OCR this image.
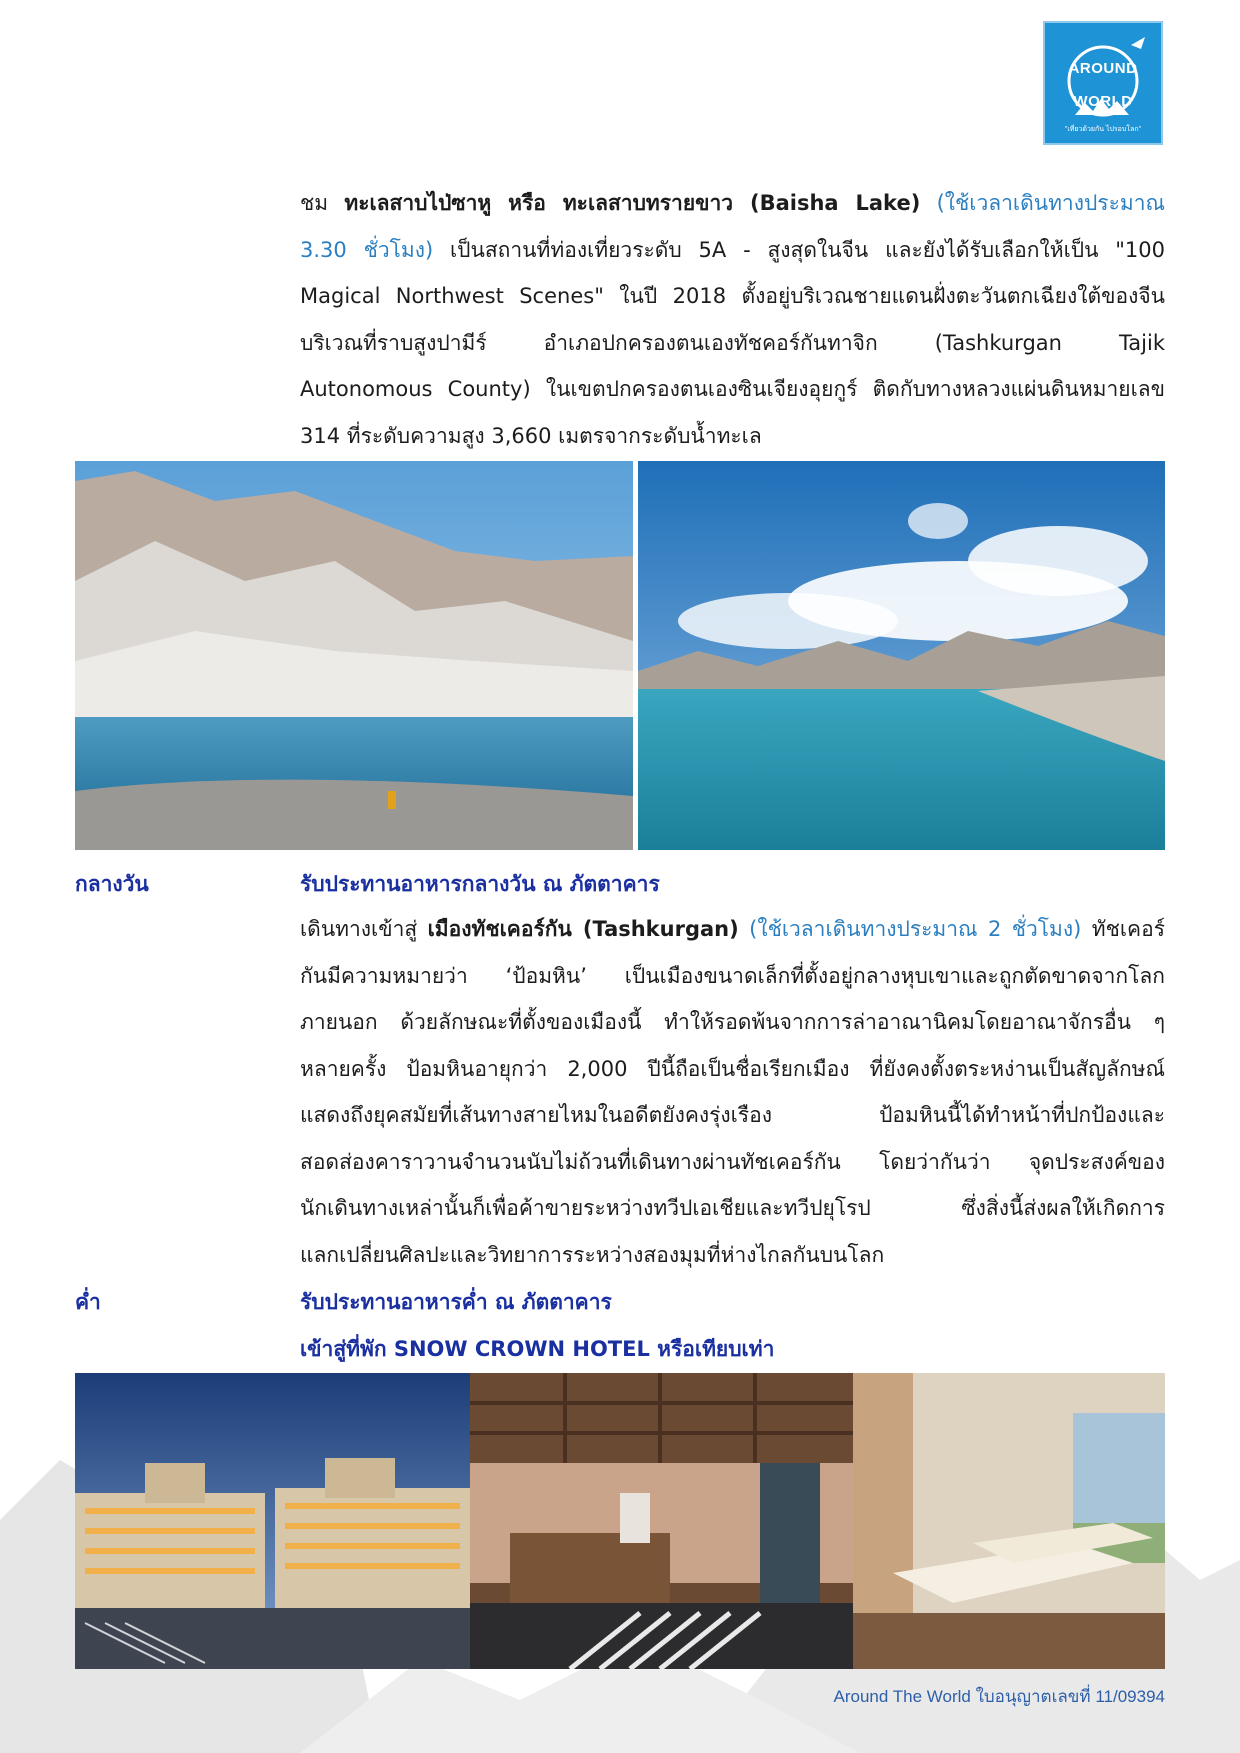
AROUND
WORLD
"เที่ยวด้วยกัน ไปรอบโลก"
ชม ทะเลสาบไป่ซาหู หรือ ทะเลสาบทรายขาว (Baisha Lake) (ใช้เวลาเดินทางประมาณ
3.30 ชั่วโมง) เป็นสถานที่ท่องเที่ยวระดับ 5A - สูงสุดในจีน และยังได้รับเลือกให้เป็น "100
Magical Northwest Scenes" ในปี 2018 ตั้งอยู่บริเวณชายแดนฝั่งตะวันตกเฉียงใต้ของจีน
บริเวณที่ราบสูงปามีร์ อำเภอปกครองตนเองทัชคอร์กันทาจิก (Tashkurgan Tajik
Autonomous County) ในเขตปกครองตนเองซินเจียงอุยกูร์ ติดกับทางหลวงแผ่นดินหมายเลข
314 ที่ระดับความสูง 3,660 เมตรจากระดับน้ำทะเล
กลางวัน	รับประทานอาหารกลางวัน ณ ภัตตาคาร
เดินทางเข้าสู่ เมืองทัชเคอร์กัน (Tashkurgan) (ใช้เวลาเดินทางประมาณ 2 ชั่วโมง) ทัชเคอร์
กันมีความหมายว่า ‘ป้อมหิน’ เป็นเมืองขนาดเล็กที่ตั้งอยู่กลางหุบเขาและถูกตัดขาดจากโลก
ภายนอก ด้วยลักษณะที่ตั้งของเมืองนี้ ทำให้รอดพ้นจากการล่าอาณานิคมโดยอาณาจักรอื่น ๆ
หลายครั้ง ป้อมหินอายุกว่า 2,000 ปีนี้ถือเป็นชื่อเรียกเมือง ที่ยังคงตั้งตระหง่านเป็นสัญลักษณ์
แสดงถึงยุคสมัยที่เส้นทางสายไหมในอดีตยังคงรุ่งเรือง ป้อมหินนี้ได้ทำหน้าที่ปกป้องและ
สอดส่องคาราวานจำนวนนับไม่ถ้วนที่เดินทางผ่านทัชเคอร์กัน โดยว่ากันว่า จุดประสงค์ของ
นักเดินทางเหล่านั้นก็เพื่อค้าขายระหว่างทวีปเอเชียและทวีปยุโรป ซึ่งสิ่งนี้ส่งผลให้เกิดการ
แลกเปลี่ยนศิลปะและวิทยาการระหว่างสองมุมที่ห่างไกลกันบนโลก
ค่ำ	รับประทานอาหารค่ำ ณ ภัตตาคาร
เข้าสู่ที่พัก SNOW CROWN HOTEL หรือเทียบเท่า
Around The World ใบอนุญาตเลขที่ 11/09394
